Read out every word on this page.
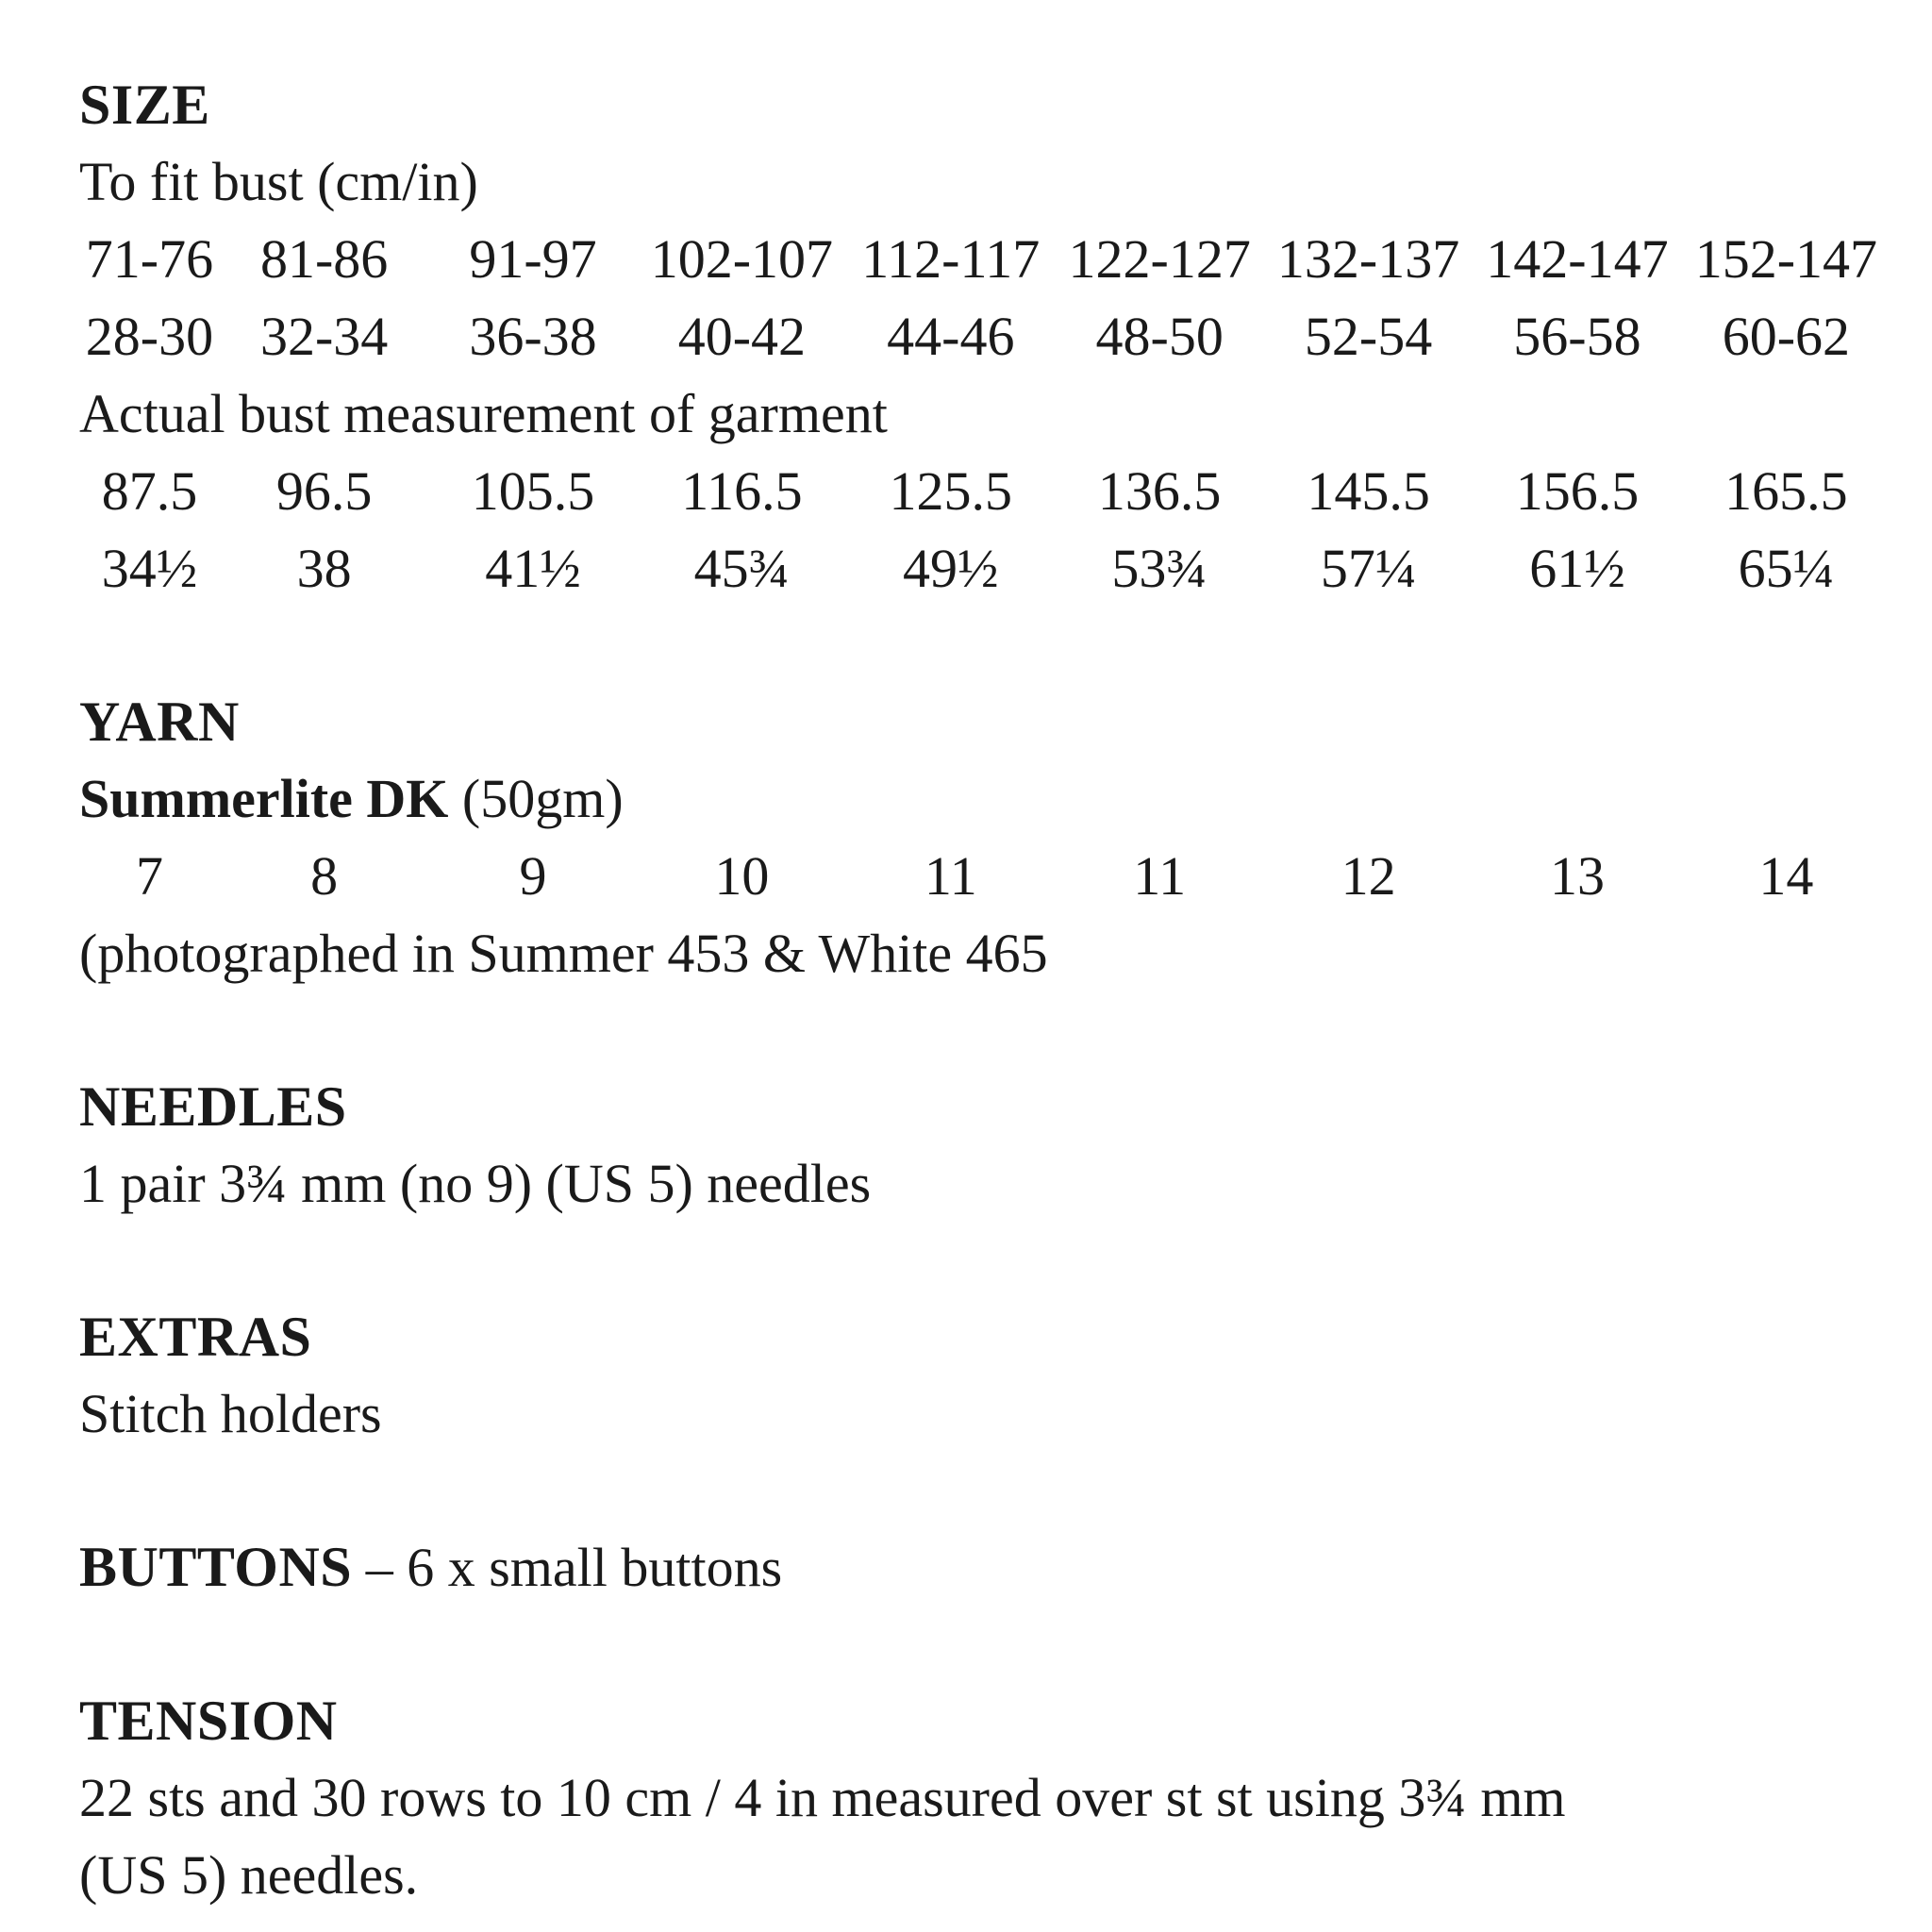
SIZE
To fit bust (cm/in)
71-76 81-86	91-97 102-107 112-117 122-127 132-137 142-147 152-147
28-30 32-34	36-38	40-42	44-46	48-50	52-54	56-58	60-62
Actual bust measurement of garment
87.5	96.5	105.5	116.5	125.5	136.5	145.5	156.5	165.5
34½	38	41½	45¾	49½	53¾	57¼	61½	65¼
YARN
Summerlite DK (50gm)
7	8	9	10	11	11	12	13	14
(photographed in Summer 453 & White 465
NEEDLES
1 pair 3¾ mm (no 9) (US 5) needles
EXTRAS
Stitch holders
BUTTONS – 6 x small buttons
TENSION
22 sts and 30 rows to 10 cm / 4 in measured over st st using 3¾ mm
(US 5) needles.
